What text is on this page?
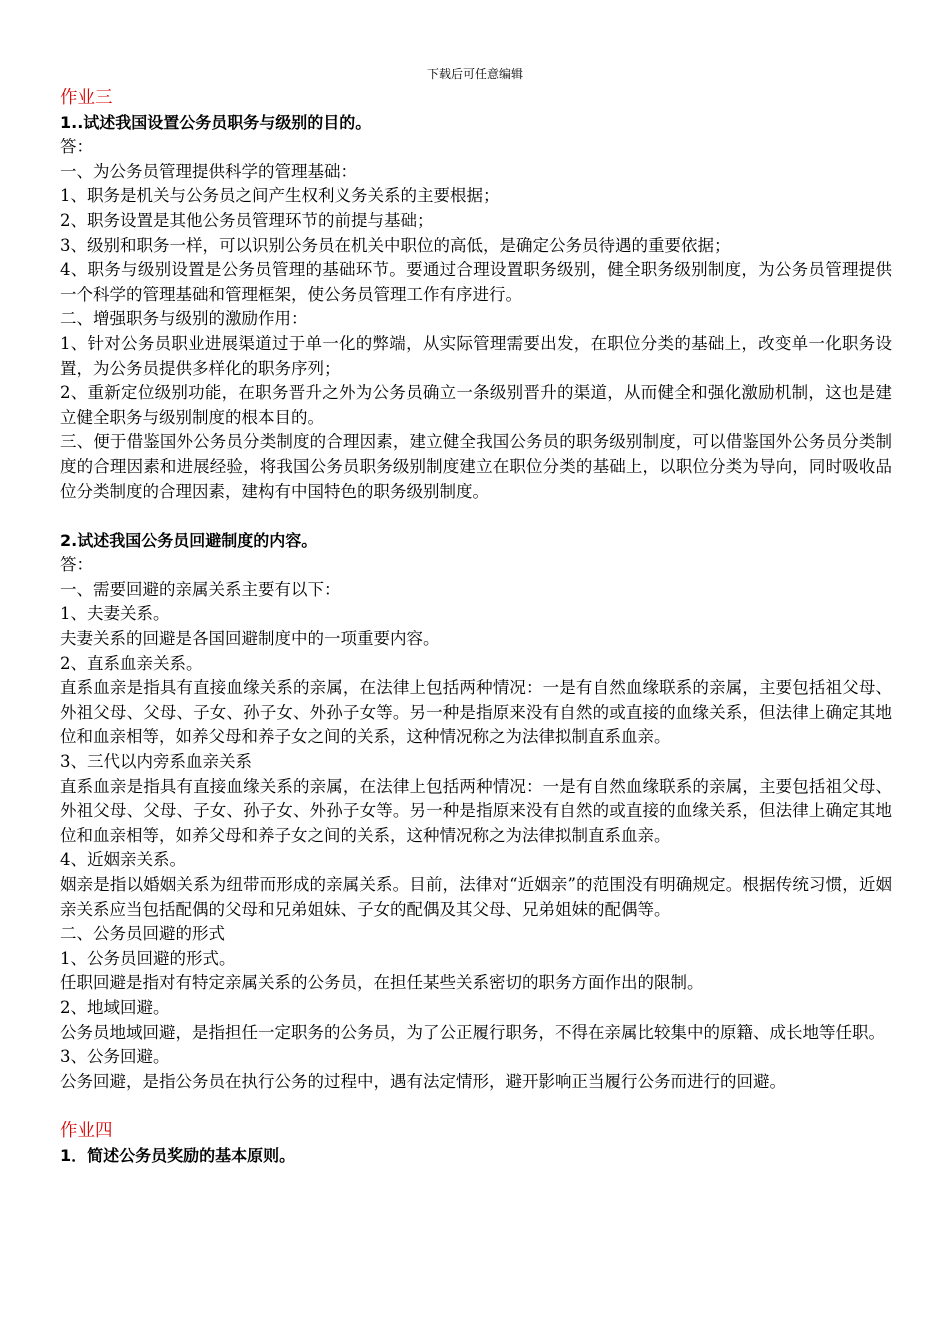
下载后可任意编辑

作业三

1..试述我国设置公务员职务与级别的目的。

答：

一、为公务员管理提供科学的管理基础：

1、职务是机关与公务员之间产生权利义务关系的主要根据；

2、职务设置是其他公务员管理环节的前提与基础；

3、级别和职务一样，可以识别公务员在机关中职位的高低，是确定公务员待遇的重要依据；

4、职务与级别设置是公务员管理的基础环节。要通过合理设置职务级别，健全职务级别制度，为公务员管理提供一个科学的管理基础和管理框架，使公务员管理工作有序进行。

二、增强职务与级别的激励作用：

1、针对公务员职业进展渠道过于单一化的弊端，从实际管理需要出发，在职位分类的基础上，改变单一化职务设置，为公务员提供多样化的职务序列；

2、重新定位级别功能，在职务晋升之外为公务员确立一条级别晋升的渠道，从而健全和强化激励机制，这也是建立健全职务与级别制度的根本目的。

三、便于借鉴国外公务员分类制度的合理因素，建立健全我国公务员的职务级别制度，可以借鉴国外公务员分类制度的合理因素和进展经验，将我国公务员职务级别制度建立在职位分类的基础上，以职位分类为导向，同时吸收品位分类制度的合理因素，建构有中国特色的职务级别制度。

2.试述我国公务员回避制度的内容。

答：

一、需要回避的亲属关系主要有以下：

1、夫妻关系。

夫妻关系的回避是各国回避制度中的一项重要内容。

2、直系血亲关系。

直系血亲是指具有直接血缘关系的亲属，在法律上包括两种情况：一是有自然血缘联系的亲属，主要包括祖父母、外祖父母、父母、子女、孙子女、外孙子女等。另一种是指原来没有自然的或直接的血缘关系，但法律上确定其地位和血亲相等，如养父母和养子女之间的关系，这种情况称之为法律拟制直系血亲。

3、三代以内旁系血亲关系

直系血亲是指具有直接血缘关系的亲属，在法律上包括两种情况：一是有自然血缘联系的亲属，主要包括祖父母、外祖父母、父母、子女、孙子女、外孙子女等。另一种是指原来没有自然的或直接的血缘关系，但法律上确定其地位和血亲相等，如养父母和养子女之间的关系，这种情况称之为法律拟制直系血亲。

4、近姻亲关系。

姻亲是指以婚姻关系为纽带而形成的亲属关系。目前，法律对“近姻亲”的范围没有明确规定。根据传统习惯，近姻亲关系应当包括配偶的父母和兄弟姐妹、子女的配偶及其父母、兄弟姐妹的配偶等。

二、公务员回避的形式

1、公务员回避的形式。

任职回避是指对有特定亲属关系的公务员，在担任某些关系密切的职务方面作出的限制。

2、地域回避。

公务员地域回避，是指担任一定职务的公务员，为了公正履行职务，不得在亲属比较集中的原籍、成长地等任职。

3、公务回避。

公务回避，是指公务员在执行公务的过程中，遇有法定情形，避开影响正当履行公务而进行的回避。

作业四

1．简述公务员奖励的基本原则。
